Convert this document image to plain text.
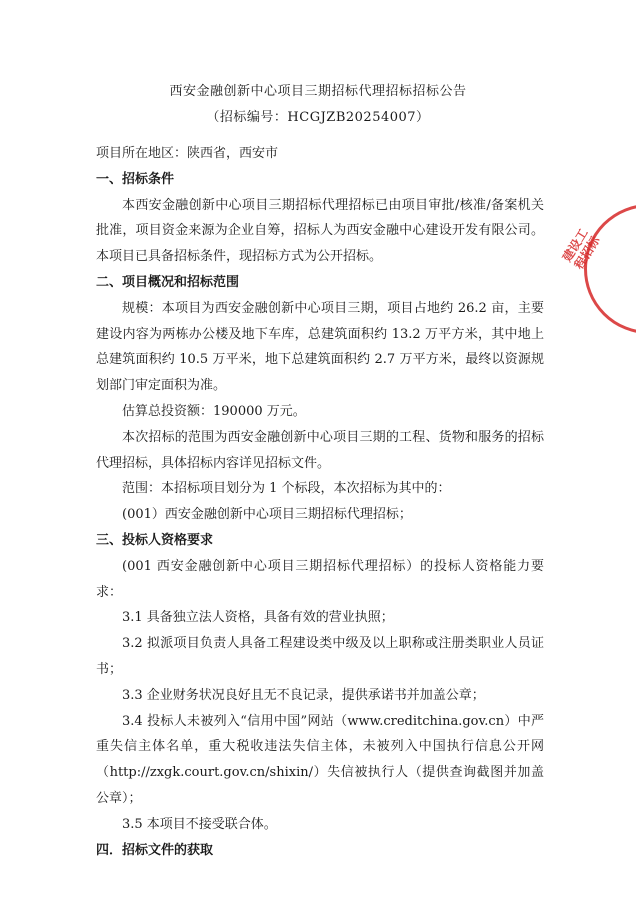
西安金融创新中心项目三期招标代理招标招标公告
（招标编号：HCGJZB20254007）

项目所在地区：陕西省，西安市

一、招标条件

本西安金融创新中心项目三期招标代理招标已由项目审批/核准/备案机关批准，项目资金来源为企业自筹，招标人为西安金融中心建设开发有限公司。本项目已具备招标条件，现招标方式为公开招标。

二、项目概况和招标范围

规模：本项目为西安金融创新中心项目三期，项目占地约 26.2 亩，主要建设内容为两栋办公楼及地下车库，总建筑面积约 13.2 万平方米，其中地上总建筑面积约 10.5 万平米，地下总建筑面积约 2.7 万平方米，最终以资源规划部门审定面积为准。

估算总投资额：190000 万元。

本次招标的范围为西安金融创新中心项目三期的工程、货物和服务的招标代理招标，具体招标内容详见招标文件。

范围：本招标项目划分为 1 个标段，本次招标为其中的：

(001）西安金融创新中心项目三期招标代理招标；

三、投标人资格要求

(001 西安金融创新中心项目三期招标代理招标）的投标人资格能力要求：

3.1 具备独立法人资格，具备有效的营业执照；

3.2 拟派项目负责人具备工程建设类中级及以上职称或注册类职业人员证书；

3.3 企业财务状况良好且无不良记录，提供承诺书并加盖公章；

3.4 投标人未被列入“信用中国”网站（www.creditchina.gov.cn）中严重失信主体名单，重大税收违法失信主体，未被列入中国执行信息公开网（http://zxgk.court.gov.cn/shixin/）失信被执行人（提供查询截图并加盖公章）；

3.5 本项目不接受联合体。

四．招标文件的获取

建设工程招标
